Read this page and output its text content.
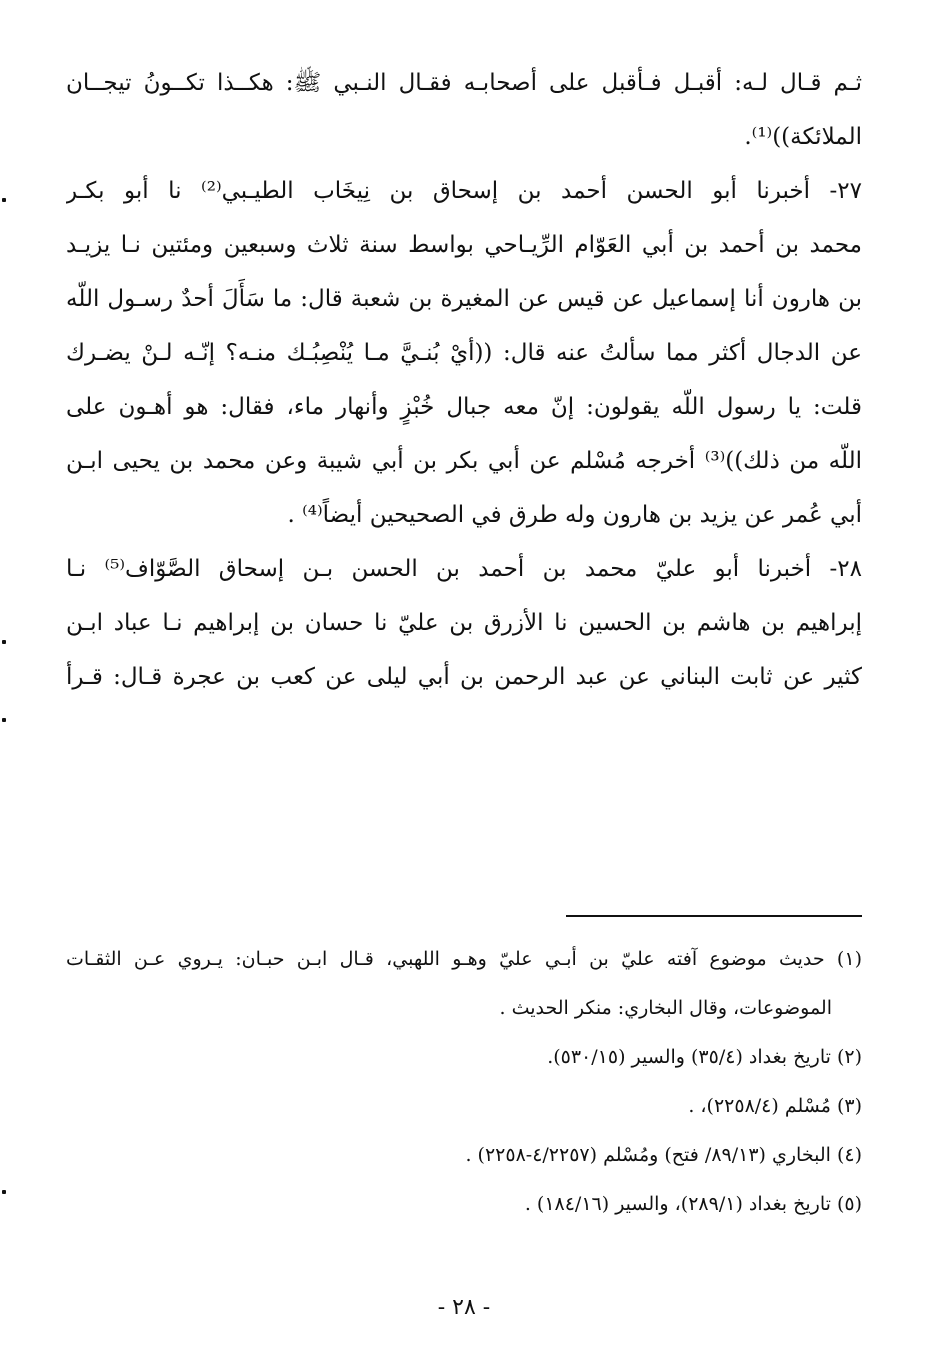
ثـم قـال لـه: أقبـل فـأقبل على أصحابـه فقـال النـبي ﷺ: هكــذا تكــونُ تيجــان
الملائكة))⁽¹⁾.
٢٧- أخبرنا أبو الحسن أحمد بن إسحاق بن نِيخَاب الطيـبي⁽²⁾ نا أبو بكـر
محمد بن أحمد بن أبي العَوّام الرِّيـاحي بواسط سنة ثلاث وسبعين ومئتين نـا يزيـد
بن هارون أنا إسماعيل عن قيس عن المغيرة بن شعبة قال: ما سَأَلَ أحدٌ رسـول اللّه
عن الدجال أكثر مما سألتُ عنه قال: ((أيْ بُنـيَّ مـا يُنْصِبُـك منـه؟ إنّـه لـنْ يضـرك
قلت: يا رسول اللّه يقولون: إنّ معه جبال خُبْزٍ وأنهار ماء، فقال: هو أهـون على
اللّه من ذلك))⁽³⁾ أخرجه مُسْلم عن أبي بكر بن أبي شيبة وعن محمد بن يحيى ابـن
أبي عُمر عن يزيد بن هارون وله طرق في الصحيحين أيضاً⁽⁴⁾ .
٢٨- أخبرنا أبو عليّ محمد بن أحمد بن الحسن بـن إسحاق الصَّوّاف⁽⁵⁾ نـا
إبراهيم بن هاشم بن الحسين نا الأزرق بن عليّ نا حسان بن إبراهيم نـا عباد ابـن
كثير عن ثابت البناني عن عبد الرحمن بن أبي ليلى عن كعب بن عجرة قـال: قـرأ
(١) حديث موضوع آفته عليّ بن أبـي عليّ وهـو اللهبي، قـال ابـن حبـان: يـروي عـن الثقـات
الموضوعات، وقال البخاري: منكر الحديث .
(٢) تاريخ بغداد (٣٥/٤) والسير (٥٣٠/١٥).
(٣) مُسْلم (٢٢٥٨/٤)، .
(٤) البخاري (٨٩/١٣/ فتح) ومُسْلم (٤/٢٢٥٧-٢٢٥٨) .
(٥) تاريخ بغداد (٢٨٩/١)، والسير (١٨٤/١٦) .
- ٢٨ -
